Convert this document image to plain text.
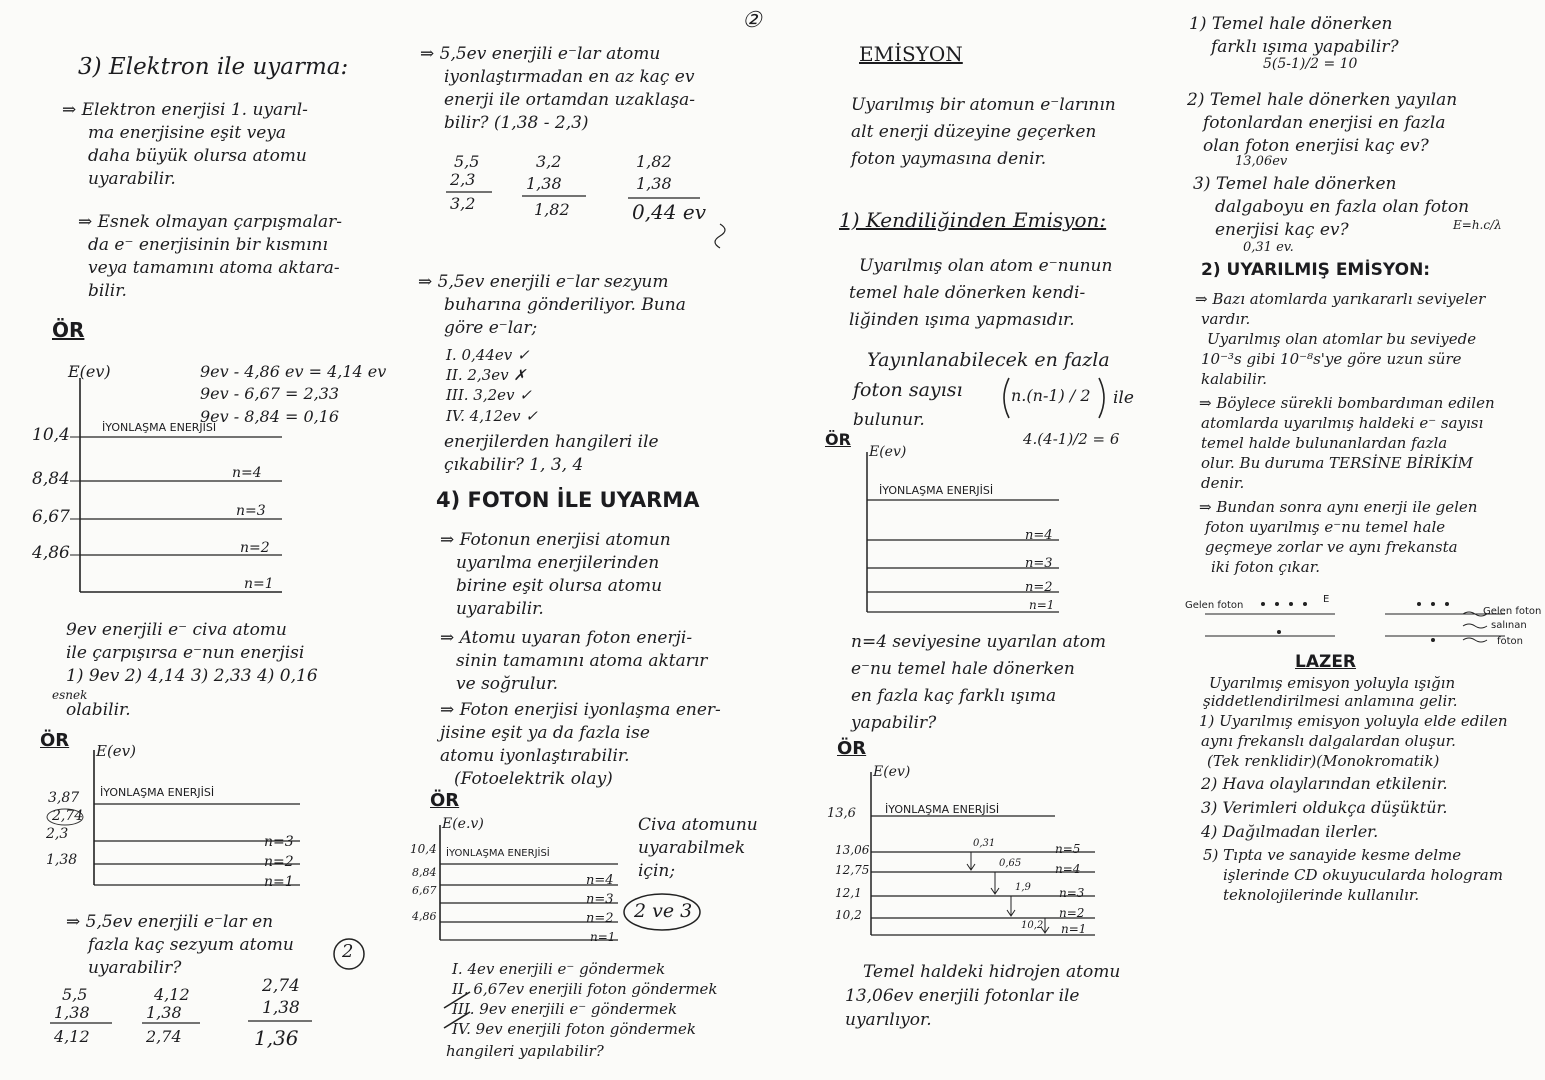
②
3) Elektron ile uyarma:
⇒ Elektron enerjisi 1. uyarıl-
ma enerjisine eşit veya
daha büyük olursa atomu
uyarabilir.
⇒ Esnek olmayan çarpışmalar-
da e⁻ enerjisinin bir kısmını
veya tamamını atoma aktara-
bilir.
ÖR
E(ev)
İYONLAŞMA ENERJİSİ
10,4
8,84
6,67
4,86
n=4
n=3
n=2
n=1
9ev - 4,86 ev = 4,14 ev
9ev - 6,67 = 2,33
9ev - 8,84 = 0,16
9ev enerjili e⁻ civa atomu
ile çarpışırsa e⁻nun enerjisi
1) 9ev 2) 4,14 3) 2,33 4) 0,16
esnek
olabilir.
ÖR E(ev)
İYONLAŞMA ENERJİSİ
3,87
2,74
2,3
1,38
n=3
n=2
n=1
⇒ 5,5ev enerjili e⁻lar en
fazla kaç sezyum atomu
uyarabilir?
2
5,5
1,38
4,12
4,12
1,38
2,74
2,74
1,38
1,36
⇒ 5,5ev enerjili e⁻lar atomu
iyonlaştırmadan en az kaç ev
enerji ile ortamdan uzaklaşa-
bilir? (1,38 - 2,3)
5,5
2,3
3,2
3,2
1,38
1,82
1,82
1,38
0,44 ev
⇒ 5,5ev enerjili e⁻lar sezyum
buharına gönderiliyor. Buna
göre e⁻lar;
I. 0,44ev ✓
II. 2,3ev ✗
III. 3,2ev ✓
IV. 4,12ev ✓
enerjilerden hangileri ile
çıkabilir? 1, 3, 4
4) FOTON İLE UYARMA
⇒ Fotonun enerjisi atomun
uyarılma enerjilerinden
birine eşit olursa atomu
uyarabilir.
⇒ Atomu uyaran foton enerji-
sinin tamamını atoma aktarır
ve soğrulur.
⇒ Foton enerjisi iyonlaşma ener-
jisine eşit ya da fazla ise
atomu iyonlaştırabilir.
(Fotoelektrik olay)
ÖR
E(e.v)
İYONLAŞMA ENERJİSİ
10,4
8,84
6,67
4,86
n=4
n=3
n=2
n=1
Civa atomunu
uyarabilmek
için;
2 ve 3
I. 4ev enerjili e⁻ göndermek
II. 6,67ev enerjili foton göndermek
III. 9ev enerjili e⁻ göndermek
IV. 9ev enerjili foton göndermek
hangileri yapılabilir?
EMİSYON
Uyarılmış bir atomun e⁻larının
alt enerji düzeyine geçerken
foton yaymasına denir.
1) Kendiliğinden Emisyon:
Uyarılmış olan atom e⁻nunun
temel hale dönerken kendi-
liğinden ışıma yapmasıdır.
Yayınlanabilecek en fazla
foton sayısı
bulunur.
n.(n-1) / 2 ile
4.(4-1)/2 = 6
ÖR
E(ev)
İYONLAŞMA ENERJİSİ
n=4
n=3
n=2
n=1
n=4 seviyesine uyarılan atom
e⁻nu temel hale dönerken
en fazla kaç farklı ışıma
yapabilir?
ÖR
E(ev)
İYONLAŞMA ENERJİSİ
13,6
13,06
12,75
12,1
10,2
n=5
n=4
n=3
n=2
n=1
0,31
0,65
1,9
10,2
Temel haldeki hidrojen atomu
13,06ev enerjili fotonlar ile
uyarılıyor.
1) Temel hale dönerken
farklı ışıma yapabilir?
5(5-1)/2 = 10
2) Temel hale dönerken yayılan
fotonlardan enerjisi en fazla
olan foton enerjisi kaç ev?
13,06ev
3) Temel hale dönerken
dalgaboyu en fazla olan foton
enerjisi kaç ev?	E=h.c/λ
0,31 ev.
2) UYARILMIŞ EMİSYON:
⇒ Bazı atomlarda yarıkararlı seviyeler
vardır.
Uyarılmış olan atomlar bu seviyede
10⁻³s gibi 10⁻⁸s'ye göre uzun süre
kalabilir.
⇒ Böylece sürekli bombardıman edilen
atomlarda uyarılmış haldeki e⁻ sayısı
temel halde bulunanlardan fazla
olur. Bu duruma TERSİNE BİRİKİM
denir.
⇒ Bundan sonra aynı enerji ile gelen
foton uyarılmış e⁻nu temel hale
geçmeye zorlar ve aynı frekansta
iki foton çıkar.
Gelen foton
E
Gelen foton
salınan
foton
LAZER
Uyarılmış emisyon yoluyla ışığın
şiddetlendirilmesi anlamına gelir.
1) Uyarılmış emisyon yoluyla elde edilen
aynı frekanslı dalgalardan oluşur.
(Tek renklidir)(Monokromatik)
2) Hava olaylarından etkilenir.
3) Verimleri oldukça düşüktür.
4) Dağılmadan ilerler.
5) Tıpta ve sanayide kesme delme
işlerinde CD okuyucularda hologram
teknolojilerinde kullanılır.
